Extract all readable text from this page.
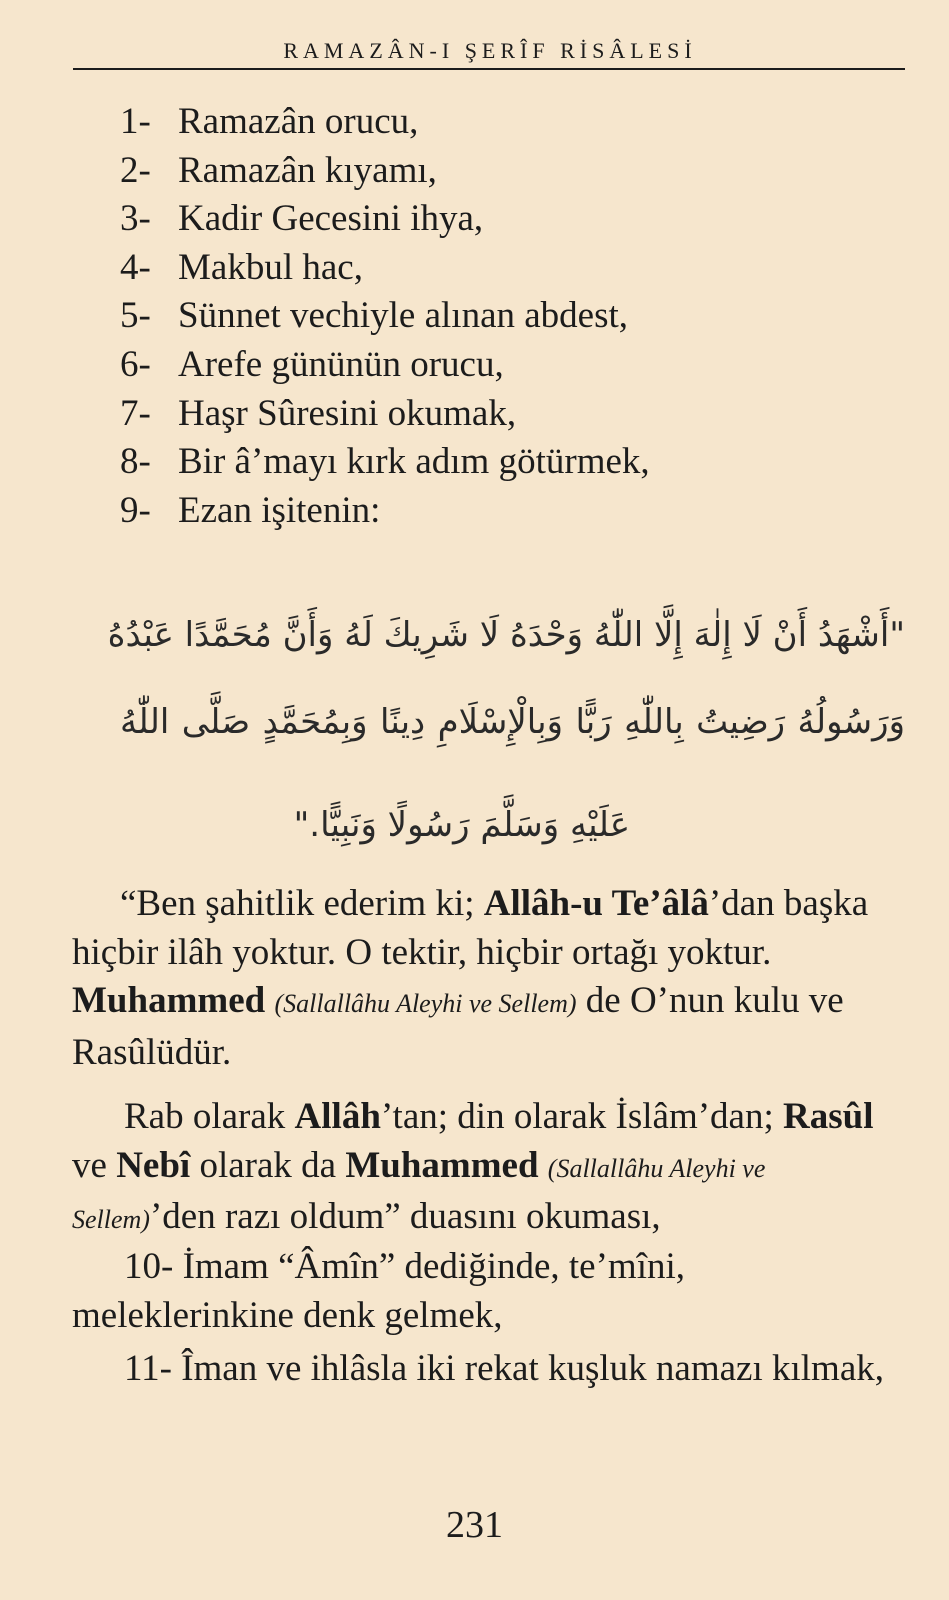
RAMAZÂN-I ŞERÎF RİSÂLESİ
1- Ramazân orucu,
2- Ramazân kıyamı,
3- Kadir Gecesini ihya,
4- Makbul hac,
5- Sünnet vechiyle alınan abdest,
6- Arefe gününün orucu,
7- Haşr Sûresini okumak,
8- Bir â’mayı kırk adım götürmek,
9- Ezan işitenin:
"أَشْهَدُ أَنْ لَا إِلٰهَ إِلَّا اللّٰهُ وَحْدَهُ لَا شَرِيكَ لَهُ وَأَنَّ مُحَمَّدًا عَبْدُهُ
وَرَسُولُهُ رَضِيتُ بِاللّٰهِ رَبًّا وَبِالْإِسْلَامِ دِينًا وَبِمُحَمَّدٍ صَلَّى اللّٰهُ
عَلَيْهِ وَسَلَّمَ رَسُولًا وَنَبِيًّا."
“Ben şahitlik ederim ki; Allâh-u Te’âlâ’dan başka hiçbir ilâh yoktur. O tektir, hiçbir ortağı yoktur. Muhammed (Sallallâhu Aleyhi ve Sellem) de O’nun kulu ve Rasûlüdür.
Rab olarak Allâh’tan; din olarak İslâm’dan; Rasûl ve Nebî olarak da Muhammed (Sallallâhu Aleyhi ve Sellem)’den razı oldum” duasını okuması,
10- İmam “Âmîn” dediğinde, te’mîni, meleklerinkine denk gelmek,
11- Îman ve ihlâsla iki rekat kuşluk namazı kılmak,
231
